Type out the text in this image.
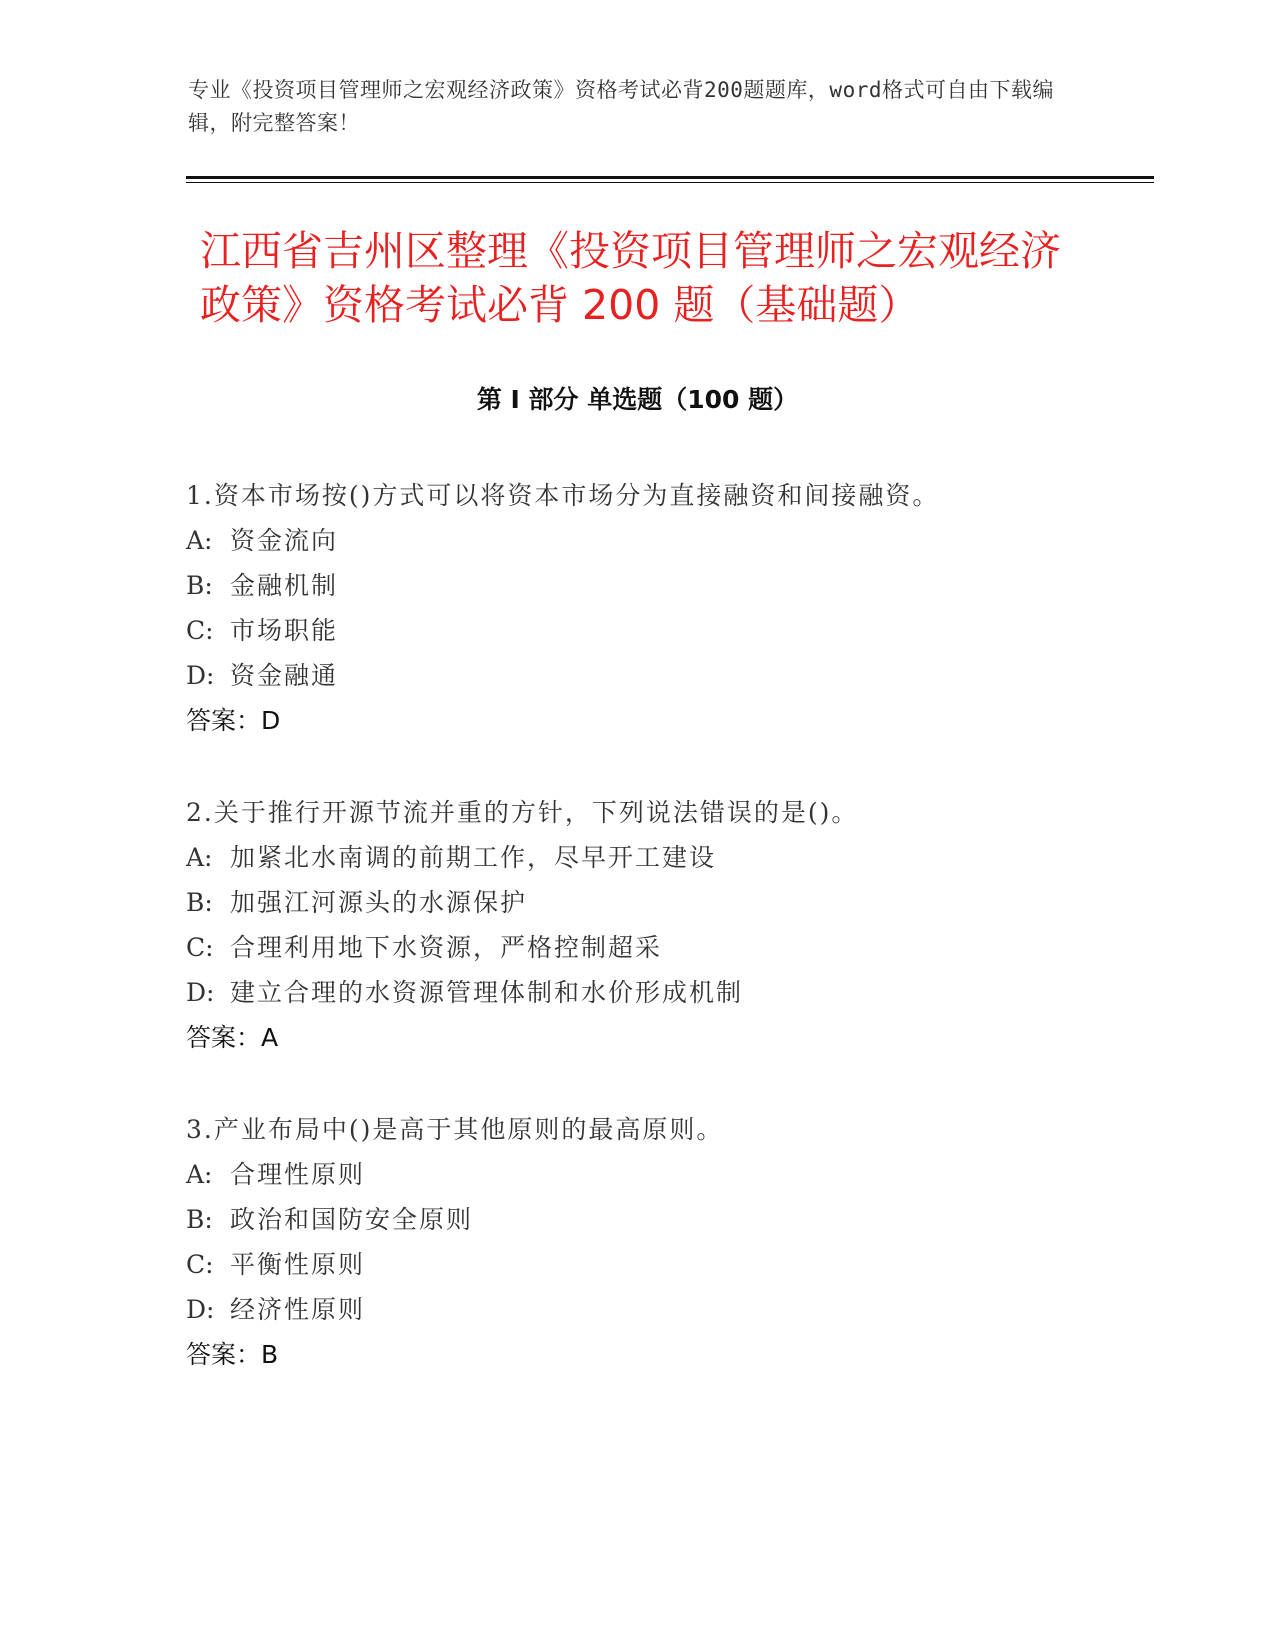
专业《投资项目管理师之宏观经济政策》资格考试必背200题题库，word格式可自由下载编辑，附完整答案！
江西省吉州区整理《投资项目管理师之宏观经济政策》资格考试必背 200 题（基础题）
第 I 部分 单选题（100 题）
1.资本市场按()方式可以将资本市场分为直接融资和间接融资。
A: 资金流向
B: 金融机制
C: 市场职能
D: 资金融通
答案：D
2.关于推行开源节流并重的方针，下列说法错误的是()。
A: 加紧北水南调的前期工作，尽早开工建设
B: 加强江河源头的水源保护
C: 合理利用地下水资源，严格控制超采
D: 建立合理的水资源管理体制和水价形成机制
答案：A
3.产业布局中()是高于其他原则的最高原则。
A: 合理性原则
B: 政治和国防安全原则
C: 平衡性原则
D: 经济性原则
答案：B
